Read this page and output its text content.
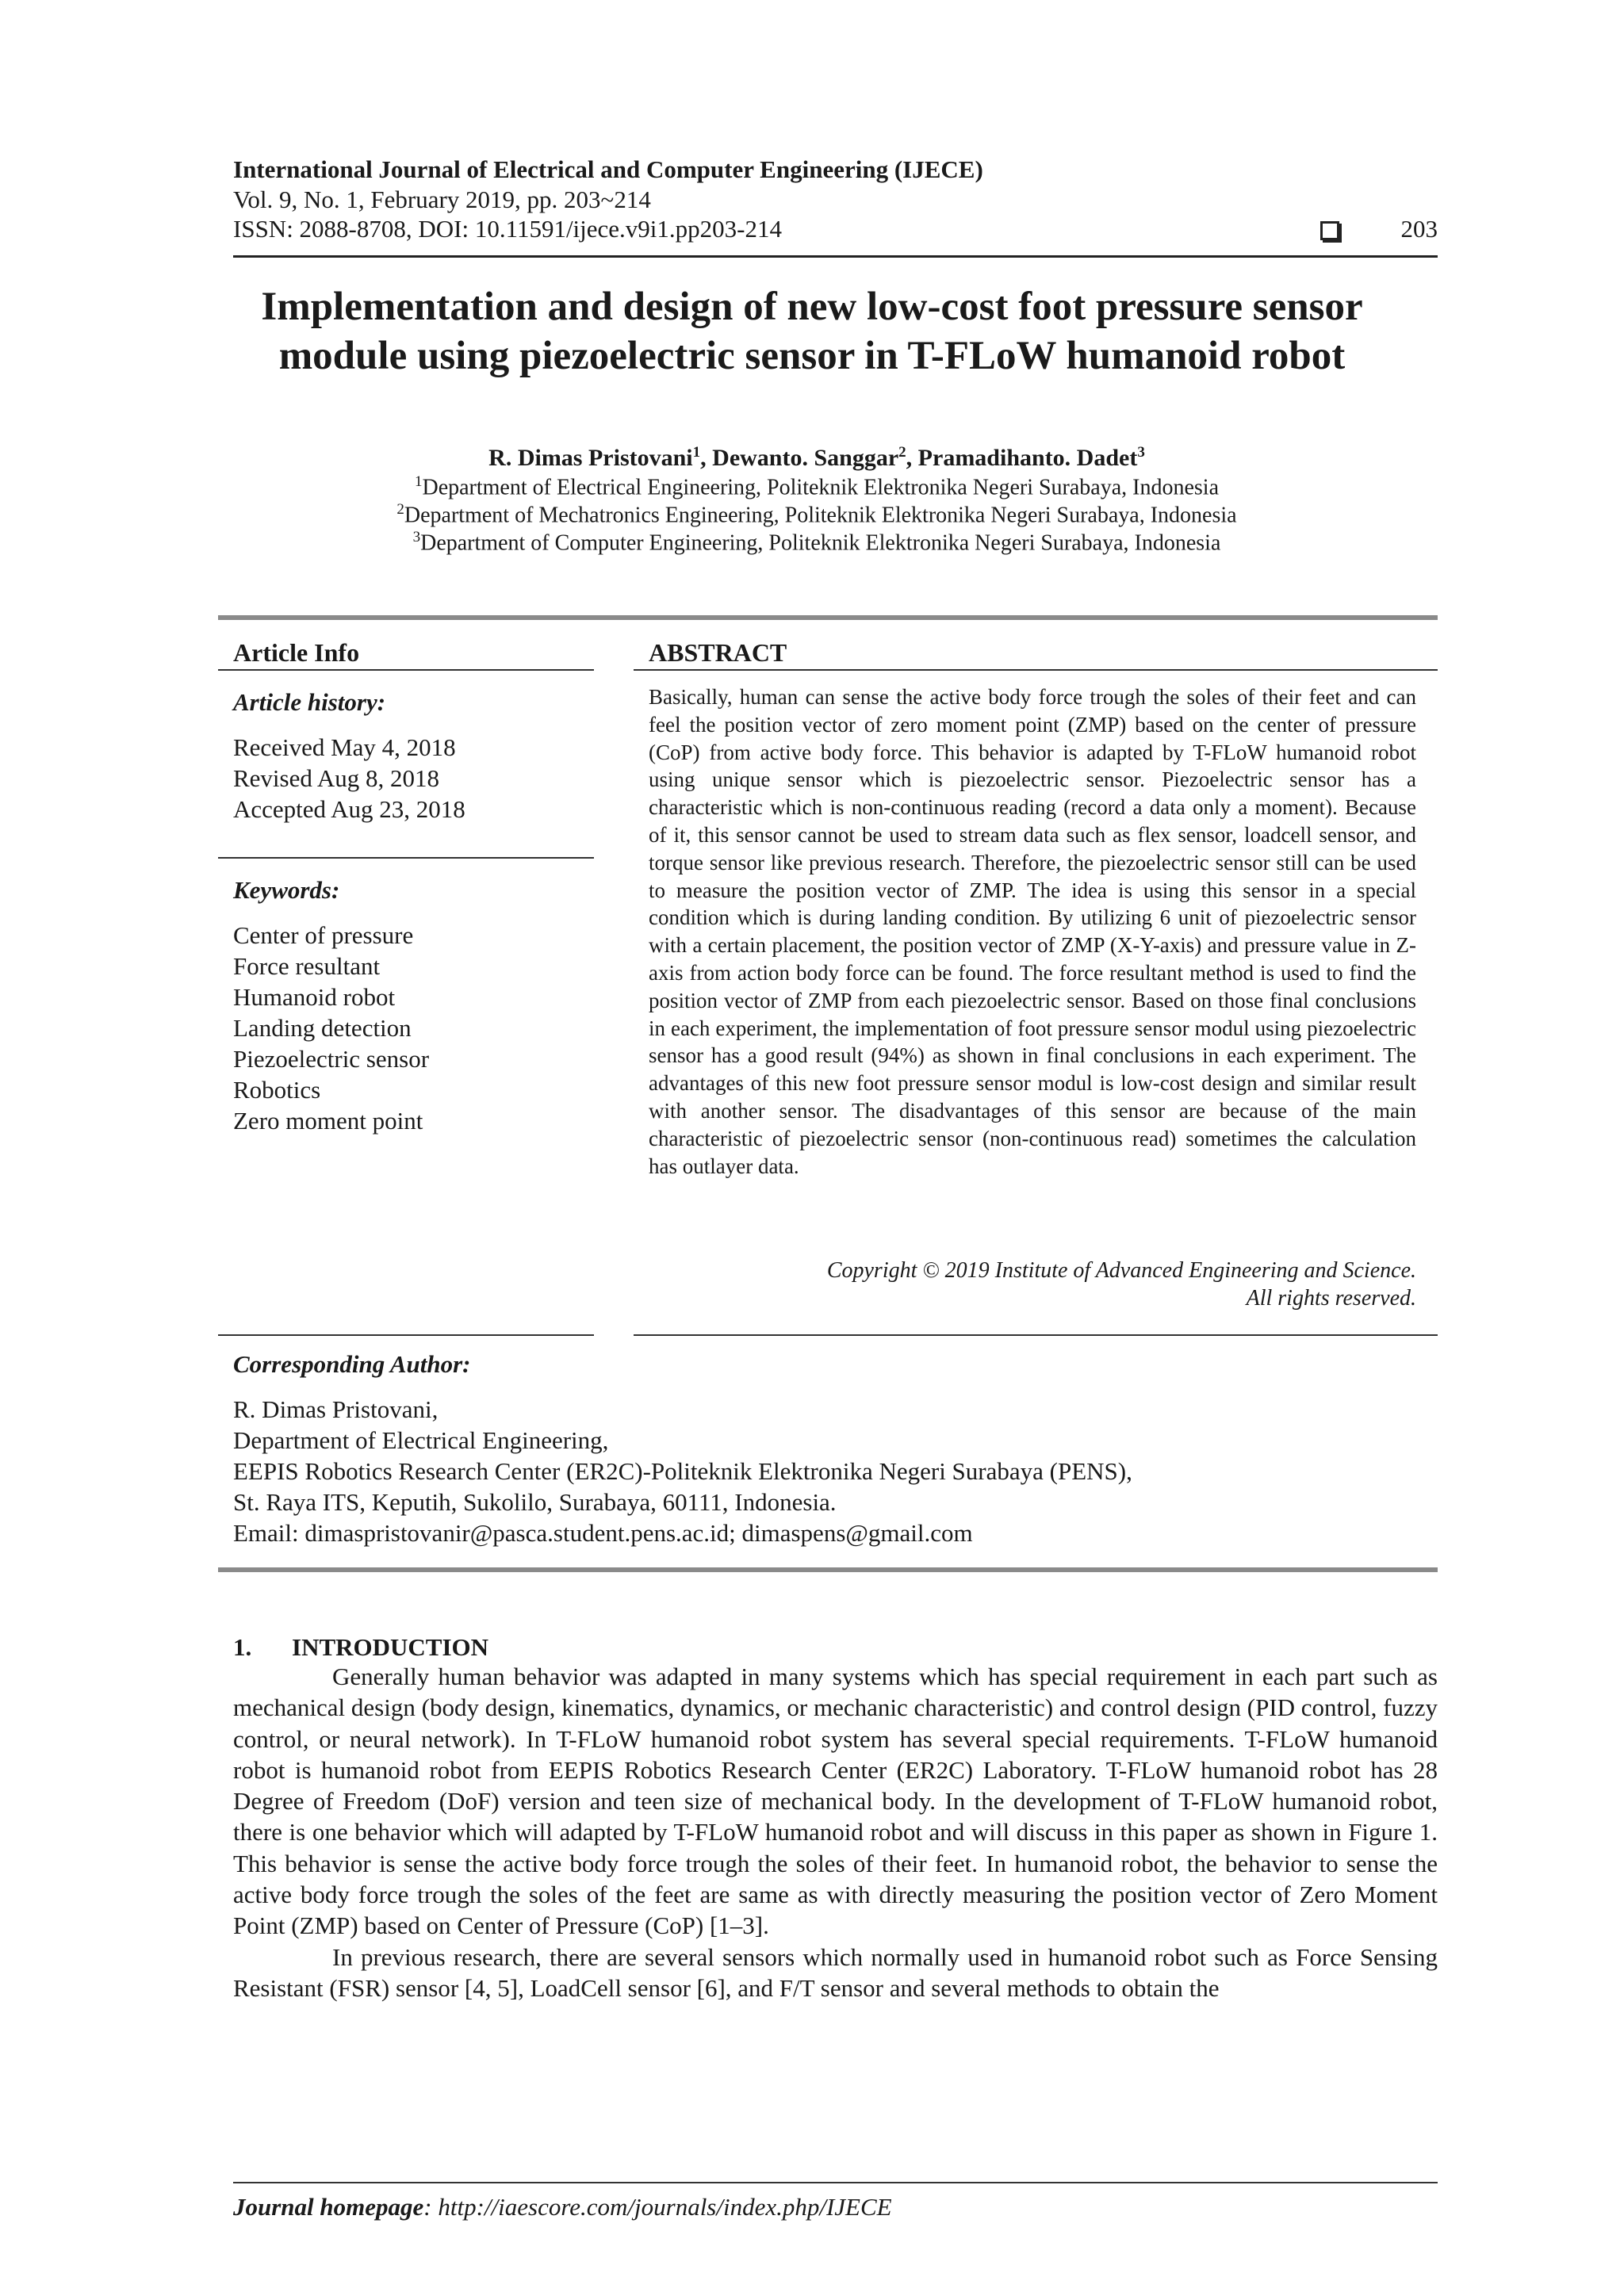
International Journal of Electrical and Computer Engineering (IJECE)
Vol. 9, No. 1, February 2019, pp. 203~214
ISSN: 2088-8708, DOI: 10.11591/ijece.v9i1.pp203-214	203
Implementation and design of new low-cost foot pressure sensor
module using piezoelectric sensor in T-FLoW humanoid robot
R. Dimas Pristovani$^1$, Dewanto. Sanggar$^2$, Pramadihanto. Dadet$^3$
$^1$Department of Electrical Engineering, Politeknik Elektronika Negeri Surabaya, Indonesia
$^2$Department of Mechatronics Engineering, Politeknik Elektronika Negeri Surabaya, Indonesia
$^3$Department of Computer Engineering, Politeknik Elektronika Negeri Surabaya, Indonesia
Article Info
Article history:
Received May 4, 2018
Revised Aug 8, 2018
Accepted Aug 23, 2018
Keywords:
Center of pressure
Force resultant
Humanoid robot
Landing detection
Piezoelectric sensor
Robotics
Zero moment point
ABSTRACT

Basically, human can sense the active body force trough the soles of their feet and can feel the position vector of zero moment point (ZMP) based on the center of pressure (CoP) from active body force. This behavior is adapted by T-FLoW humanoid robot using unique sensor which is piezoelectric sensor. Piezoelectric sensor has a characteristic which is non-continuous reading (record a data only a moment). Because of it, this sensor cannot be used to stream data such as flex sensor, loadcell sensor, and torque sensor like previous research. Therefore, the piezoelectric sensor still can be used to measure the position vector of ZMP. The idea is using this sensor in a special condition which is during landing condition. By utilizing 6 unit of piezoelectric sensor with a certain placement, the position vector of ZMP (X-Y-axis) and pressure value in Z-axis from action body force can be found. The force resultant method is used to find the position vector of ZMP from each piezoelectric sensor. Based on those final conclusions in each experiment, the implementation of foot pressure sensor modul using piezoelectric sensor has a good result (94%) as shown in final conclusions in each experiment. The advantages of this new foot pressure sensor modul is low-cost design and similar result with another sensor. The disadvantages of this sensor are because of the main characteristic of piezoelectric sensor (non-continuous read) sometimes the calculation has outlayer data.

Copyright © 2019 Institute of Advanced Engineering and Science.
All rights reserved.
Corresponding Author:
R. Dimas Pristovani,
Department of Electrical Engineering,
EEPIS Robotics Research Center (ER2C)-Politeknik Elektronika Negeri Surabaya (PENS),
St. Raya ITS, Keputih, Sukolilo, Surabaya, 60111, Indonesia.
Email: dimaspristovanir@pasca.student.pens.ac.id; dimaspens@gmail.com
1. INTRODUCTION

Generally human behavior was adapted in many systems which has special requirement in each part such as mechanical design (body design, kinematics, dynamics, or mechanic characteristic) and control design (PID control, fuzzy control, or neural network). In T-FLoW humanoid robot system has several special requirements. T-FLoW humanoid robot is humanoid robot from EEPIS Robotics Research Center (ER2C) Laboratory. T-FLoW humanoid robot has 28 Degree of Freedom (DoF) version and teen size of mechanical body. In the development of T-FLoW humanoid robot, there is one behavior which will adapted by T-FLoW humanoid robot and will discuss in this paper as shown in Figure 1. This behavior is sense the active body force trough the soles of their feet. In humanoid robot, the behavior to sense the active body force trough the soles of the feet are same as with directly measuring the position vector of Zero Moment Point (ZMP) based on Center of Pressure (CoP) [1–3].

In previous research, there are several sensors which normally used in humanoid robot such as Force Sensing Resistant (FSR) sensor [4, 5], LoadCell sensor [6], and F/T sensor and several methods to obtain the

Journal homepage: http://iaescore.com/journals/index.php/IJECE
